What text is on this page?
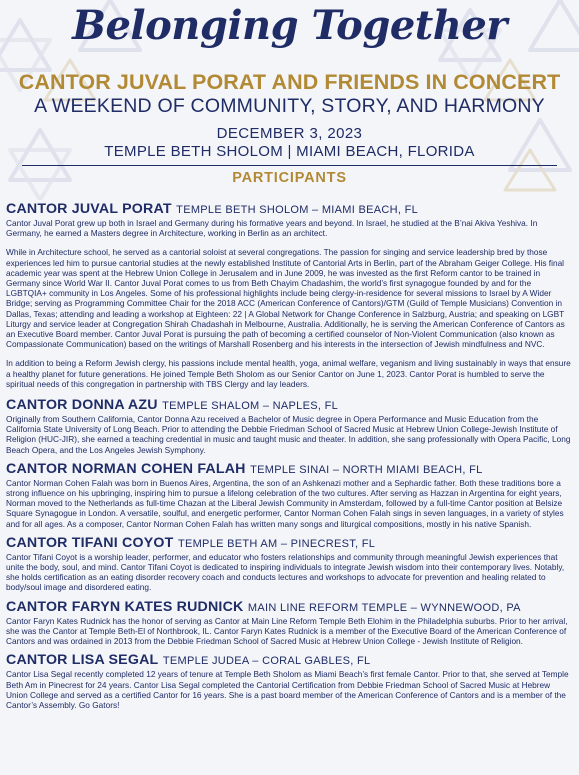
Belonging Together
CANTOR JUVAL PORAT AND FRIENDS IN CONCERT
A WEEKEND OF COMMUNITY, STORY, AND HARMONY
DECEMBER 3, 2023
TEMPLE BETH SHOLOM | MIAMI BEACH, FLORIDA
PARTICIPANTS

CANTOR JUVAL PORAT TEMPLE BETH SHOLOM – MIAMI BEACH, FL

Cantor Juval Porat grew up both in Israel and Germany during his formative years and beyond. In Israel, he studied at the B’nai Akiva Yeshiva. In Germany, he earned a Masters degree in Architecture, working in Berlin as an architect.

While in Architecture school, he served as a cantorial soloist at several congregations. The passion for singing and service leadership bred by those experiences led him to pursue cantorial studies at the newly established Institute of Cantorial Arts in Berlin, part of the Abraham Geiger College. His final academic year was spent at the Hebrew Union College in Jerusalem and in June 2009, he was invested as the first Reform cantor to be trained in Germany since World War II. Cantor Juval Porat comes to us from Beth Chayim Chadashim, the world’s first synagogue founded by and for the LGBTQIA+ community in Los Angeles. Some of his professional highlights include being clergy-in-residence for several missions to Israel by A Wider Bridge; serving as Programming Committee Chair for the 2018 ACC (American Conference of Cantors)/GTM (Guild of Temple Musicians) Convention in Dallas, Texas; attending and leading a workshop at Eighteen: 22 | A Global Network for Change Conference in Salzburg, Austria; and speaking on LGBT Liturgy and service leader at Congregation Shirah Chadashah in Melbourne, Australia. Additionally, he is serving the American Conference of Cantors as an Executive Board member. Cantor Juval Porat is pursuing the path of becoming a certified counselor of Non-Violent Communication (also known as Compassionate Communication) based on the writings of Marshall Rosenberg and his interests in the intersection of Jewish mindfulness and NVC.

In addition to being a Reform Jewish clergy, his passions include mental health, yoga, animal welfare, veganism and living sustainably in ways that ensure a healthy planet for future generations. He joined Temple Beth Sholom as our Senior Cantor on June 1, 2023. Cantor Porat is humbled to serve the spiritual needs of this congregation in partnership with TBS Clergy and lay leaders.

CANTOR DONNA AZU TEMPLE SHALOM – NAPLES, FL

Originally from Southern California, Cantor Donna Azu received a Bachelor of Music degree in Opera Performance and Music Education from the California State University of Long Beach. Prior to attending the Debbie Friedman School of Sacred Music at Hebrew Union College-Jewish Institute of Religion (HUC-JIR), she earned a teaching credential in music and taught music and theater. In addition, she sang professionally with Opera Pacific, Long Beach Opera, and the Los Angeles Jewish Symphony.

CANTOR NORMAN COHEN FALAH TEMPLE SINAI – NORTH MIAMI BEACH, FL

Cantor Norman Cohen Falah was born in Buenos Aires, Argentina, the son of an Ashkenazi mother and a Sephardic father. Both these traditions bore a strong influence on his upbringing, inspiring him to pursue a lifelong celebration of the two cultures. After serving as Hazzan in Argentina for eight years, Norman moved to the Netherlands as full-time Chazan at the Liberal Jewish Community in Amsterdam, followed by a full-time Cantor position at Belsize Square Synagogue in London. A versatile, soulful, and energetic performer, Cantor Norman Cohen Falah sings in seven languages, in a variety of styles and for all ages. As a composer, Cantor Norman Cohen Falah has written many songs and liturgical compositions, mostly in his native Spanish.

CANTOR TIFANI COYOT TEMPLE BETH AM – PINECREST, FL

Cantor Tifani Coyot is a worship leader, performer, and educator who fosters relationships and community through meaningful Jewish experiences that unite the body, soul, and mind. Cantor Tifani Coyot is dedicated to inspiring individuals to integrate Jewish wisdom into their contemporary lives. Notably, she holds certification as an eating disorder recovery coach and conducts lectures and workshops to advocate for prevention and healing related to body/soul image and disordered eating.

CANTOR FARYN KATES RUDNICK MAIN LINE REFORM TEMPLE – WYNNEWOOD, PA

Cantor Faryn Kates Rudnick has the honor of serving as Cantor at Main Line Reform Temple Beth Elohim in the Philadelphia suburbs. Prior to her arrival, she was the Cantor at Temple Beth-El of Northbrook, IL. Cantor Faryn Kates Rudnick is a member of the Executive Board of the American Conference of Cantors and was ordained in 2013 from the Debbie Friedman School of Sacred Music at Hebrew Union College - Jewish Institute of Religion.

CANTOR LISA SEGAL TEMPLE JUDEA – CORAL GABLES, FL

Cantor Lisa Segal recently completed 12 years of tenure at Temple Beth Sholom as Miami Beach’s first female Cantor. Prior to that, she served at Temple Beth Am in Pinecrest for 24 years. Cantor Lisa Segal completed the Cantorial Certification from Debbie Friedman School of Sacred Music at Hebrew Union College and served as a certified Cantor for 16 years. She is a past board member of the American Conference of Cantors and is a member of the Cantor’s Assembly. Go Gators!
